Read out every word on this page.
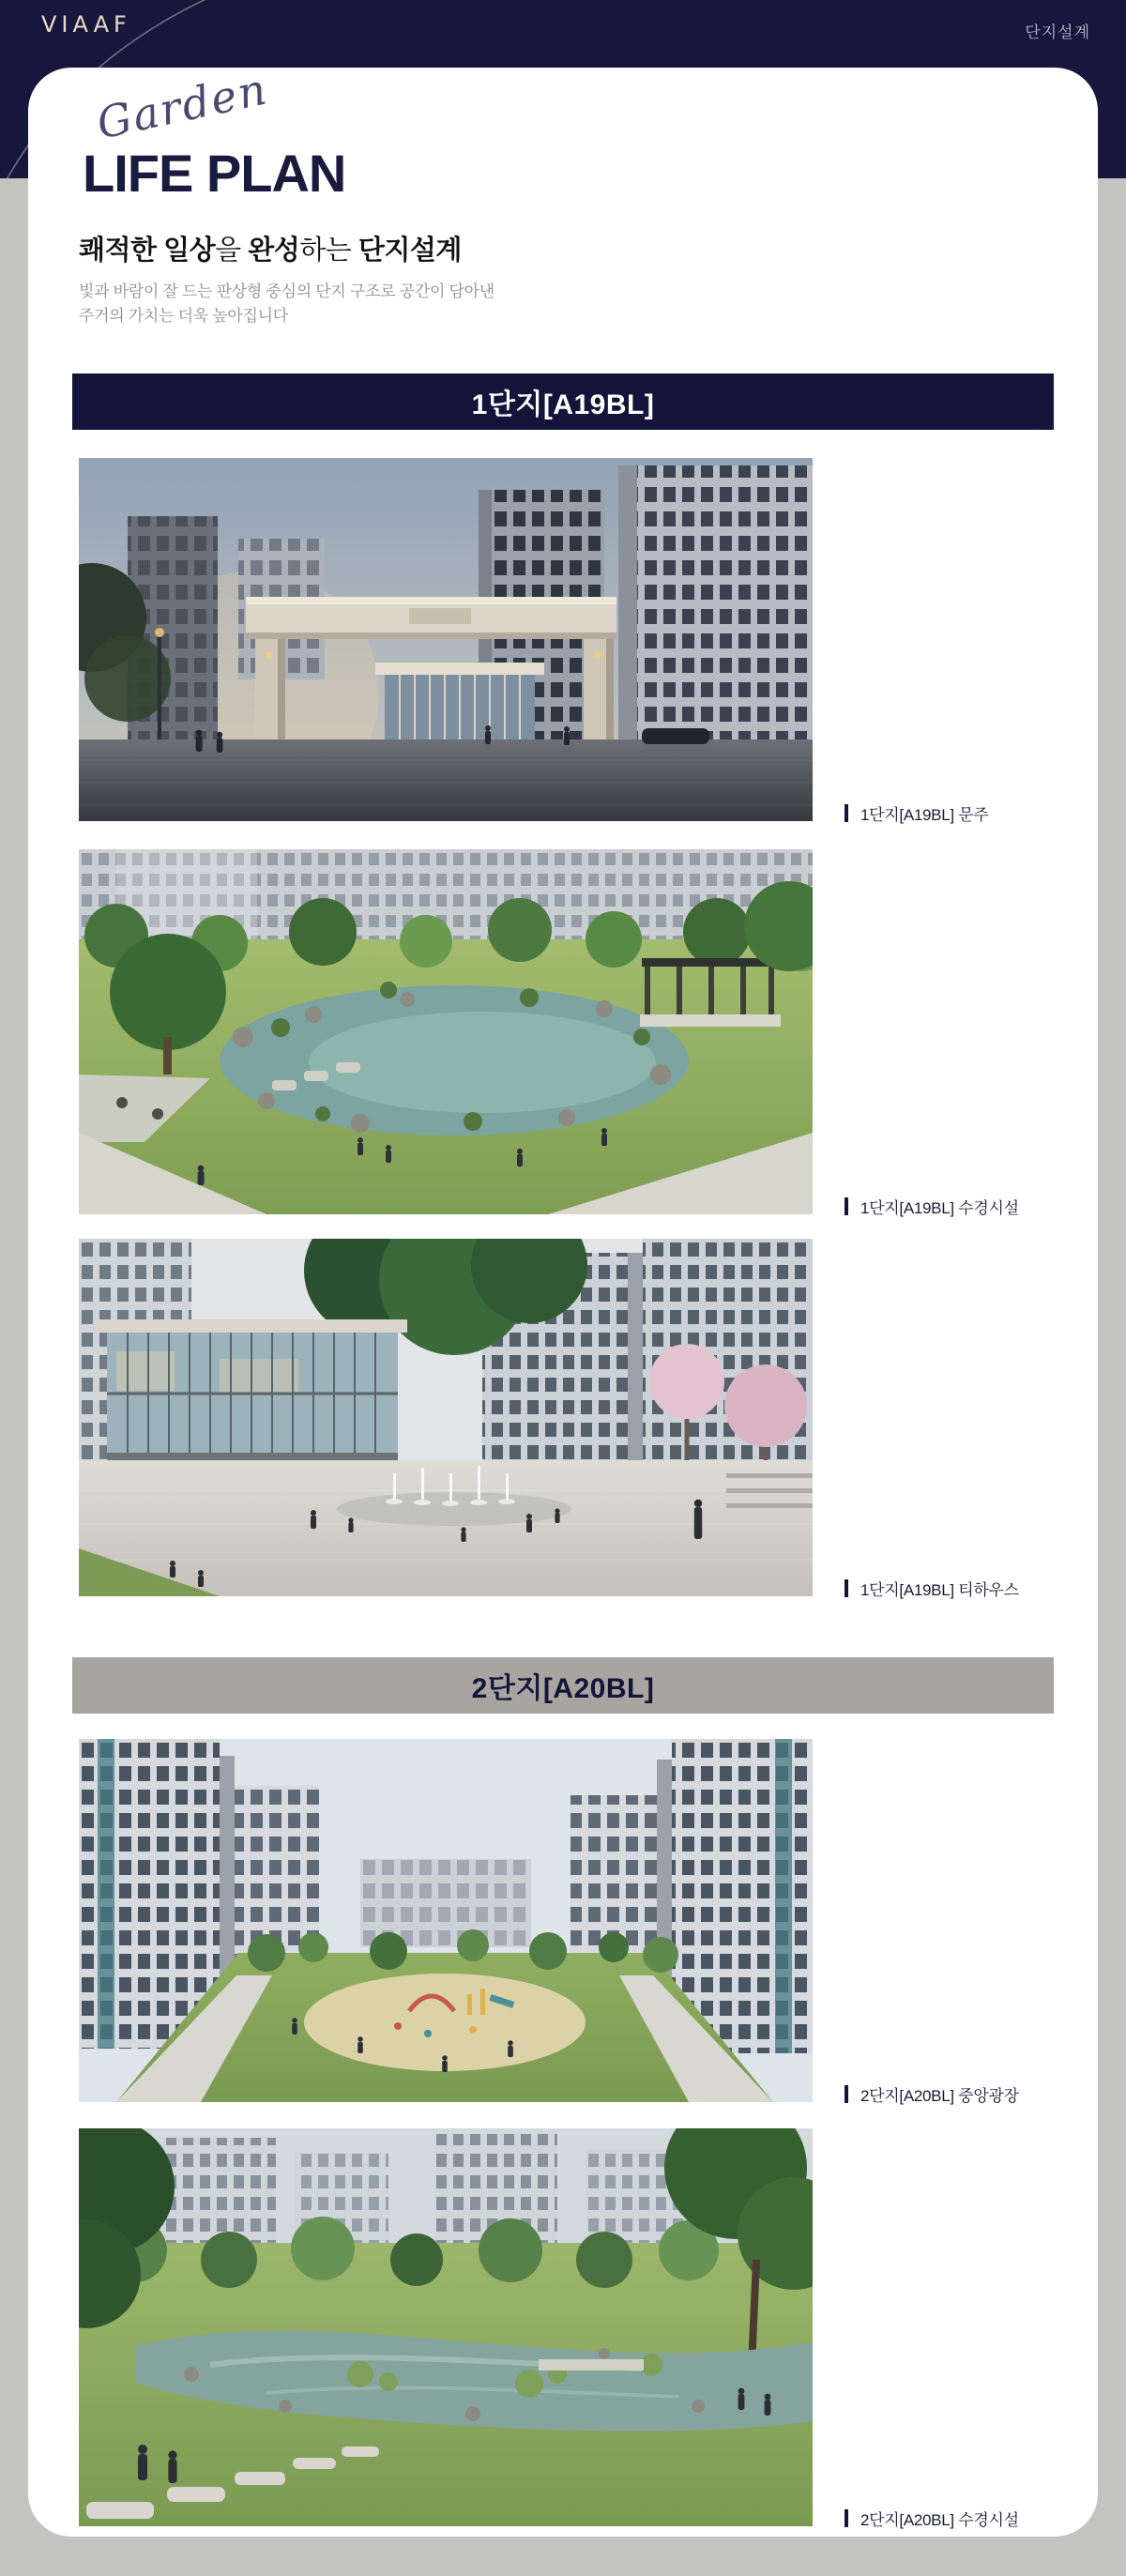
VIAAF	단지설계
Garden
LIFE PLAN
쾌적한 일상을 완성하는 단지설계

빛과 바람이 잘 드는 판상형 중심의 단지 구조로 공간이 담아낸
주거의 가치는 더욱 높아집니다

1단지[A19BL]
1단지[A19BL] 문주
1단지[A19BL] 수경시설
1단지[A19BL] 티하우스
2단지[A20BL]
2단지[A20BL] 중앙광장
2단지[A20BL] 수경시설
